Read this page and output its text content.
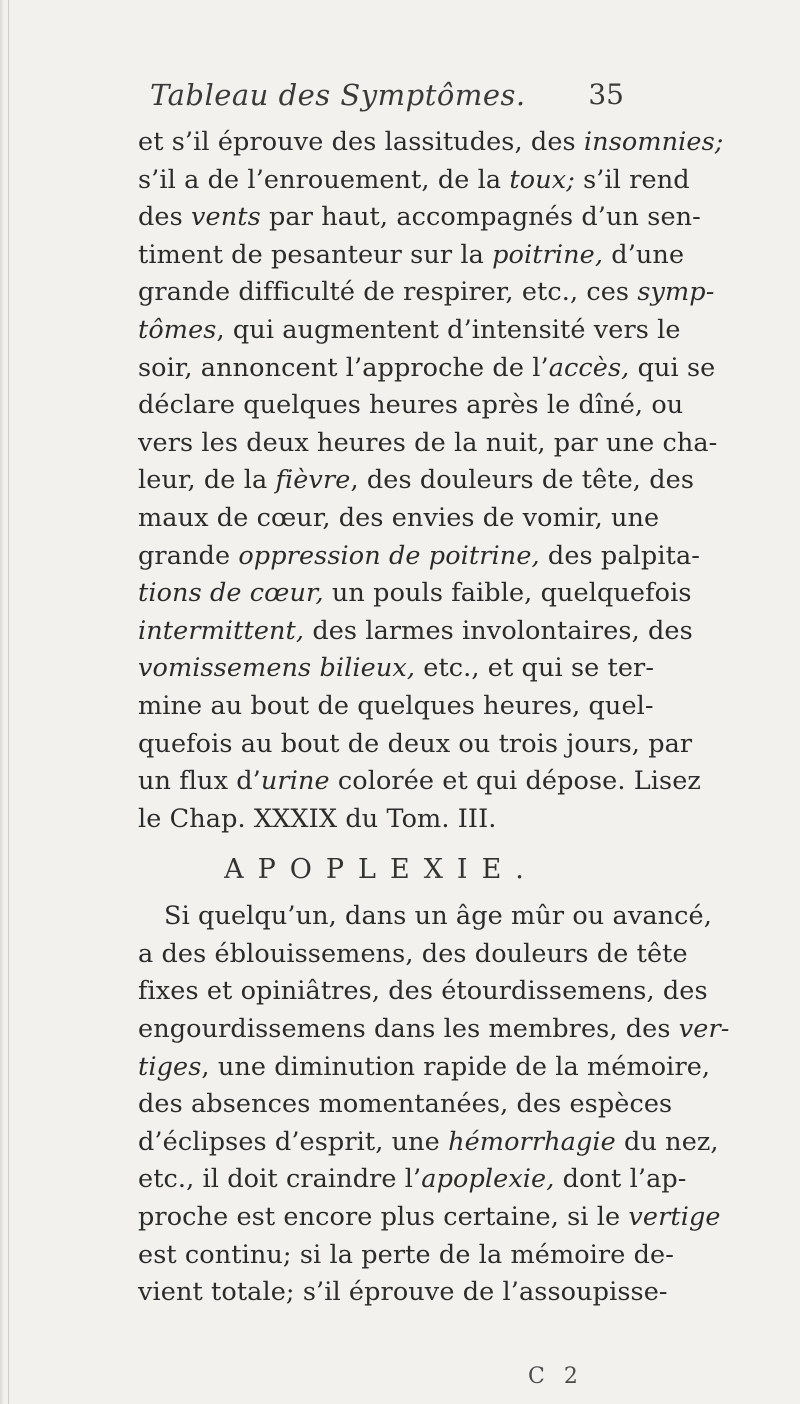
Tableau des Symptômes. 35
et s’il éprouve des lassitudes, des insomnies;
s’il a de l’enrouement, de la toux; s’il rend
des vents par haut, accompagnés d’un sen-
timent de pesanteur sur la poitrine, d’une
grande difficulté de respirer, etc., ces symp-
tômes, qui augmentent d’intensité vers le
soir, annoncent l’approche de l’accès, qui se
déclare quelques heures après le dîné, ou
vers les deux heures de la nuit, par une cha-
leur, de la fièvre, des douleurs de tête, des
maux de cœur, des envies de vomir, une
grande oppression de poitrine, des palpita-
tions de cœur, un pouls faible, quelquefois
intermittent, des larmes involontaires, des
vomissemens bilieux, etc., et qui se ter-
mine au bout de quelques heures, quel-
quefois au bout de deux ou trois jours, par
un flux d’urine colorée et qui dépose. Lisez
le Chap. XXXIX du Tom. III.
APOPLEXIE.
Si quelqu’un, dans un âge mûr ou avancé,
a des éblouissemens, des douleurs de tête
fixes et opiniâtres, des étourdissemens, des
engourdissemens dans les membres, des ver-
tiges, une diminution rapide de la mémoire,
des absences momentanées, des espèces
d’éclipses d’esprit, une hémorrhagie du nez,
etc., il doit craindre l’apoplexie, dont l’ap-
proche est encore plus certaine, si le vertige
est continu; si la perte de la mémoire de-
vient totale; s’il éprouve de l’assoupisse-
C 2
